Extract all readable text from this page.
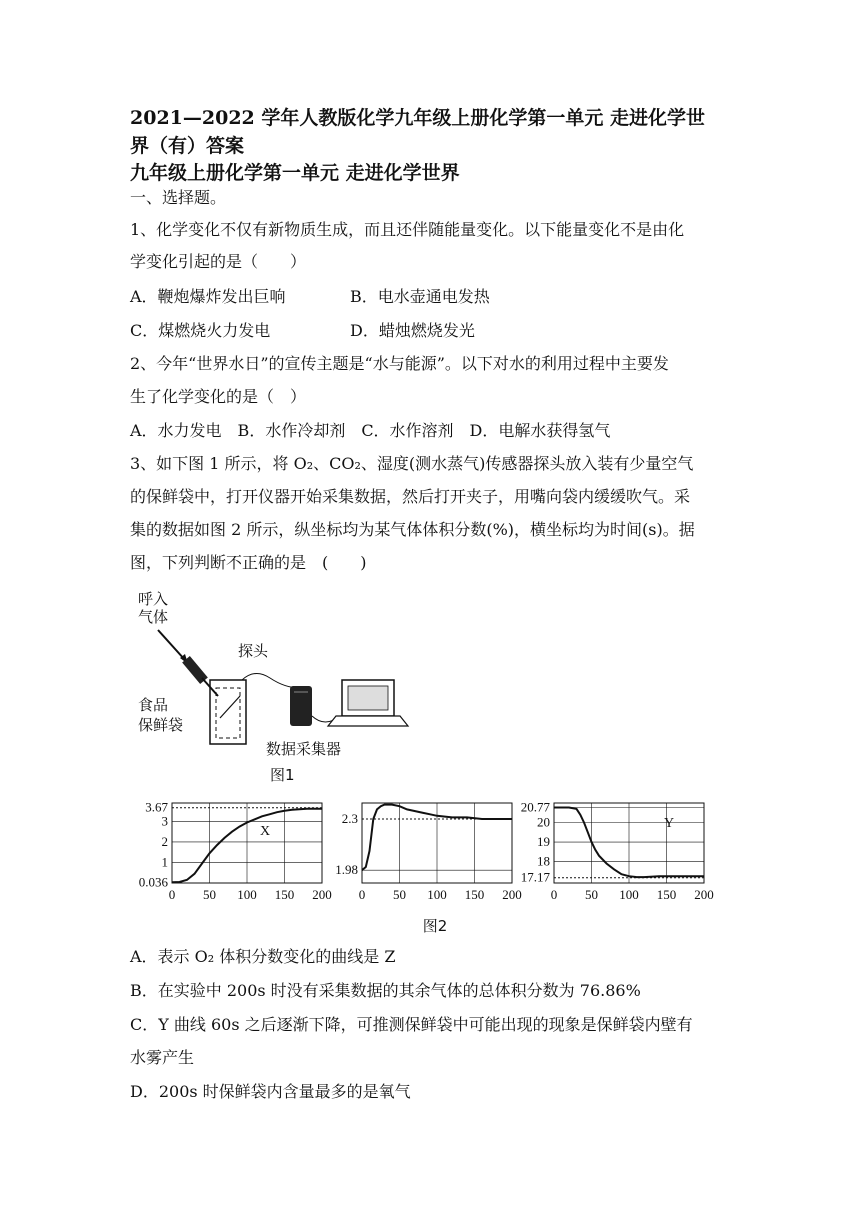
2021—2022 学年人教版化学九年级上册化学第一单元 走进化学世
界（有）答案
九年级上册化学第一单元 走进化学世界
一、选择题。
1、化学变化不仅有新物质生成，而且还伴随能量变化。以下能量变化不是由化
学变化引起的是（　　）
A．鞭炮爆炸发出巨响	B．电水壶通电发热
C．煤燃烧火力发电	D．蜡烛燃烧发光
2、今年“世界水日”的宣传主题是“水与能源”。以下对水的利用过程中主要发
生了化学变化的是（　）
A．水力发电　B．水作冷却剂　C．水作溶剂　D．电解水获得氢气
3、如下图 1 所示，将 O₂、CO₂、湿度(测水蒸气)传感器探头放入装有少量空气
的保鲜袋中，打开仪器开始采集数据，然后打开夹子，用嘴向袋内缓缓吹气。采
集的数据如图 2 所示，纵坐标均为某气体体积分数(%)，横坐标均为时间(s)。据
图，下列判断不正确的是　(　　)
呼入
气体
探头
食品
保鲜袋
数据采集器
图1
0 50 100 150 200
3.67
3
2
1
0.036
0 50 100 150 200
2.3
1.98
0 50 100 150 200
20.77
20
19
18
17.17
X
Y
图2
A．表示 O₂ 体积分数变化的曲线是 Z
B．在实验中 200s 时没有采集数据的其余气体的总体积分数为 76.86%
C．Y 曲线 60s 之后逐渐下降，可推测保鲜袋中可能出现的现象是保鲜袋内壁有
水雾产生
D．200s 时保鲜袋内含量最多的是氧气
